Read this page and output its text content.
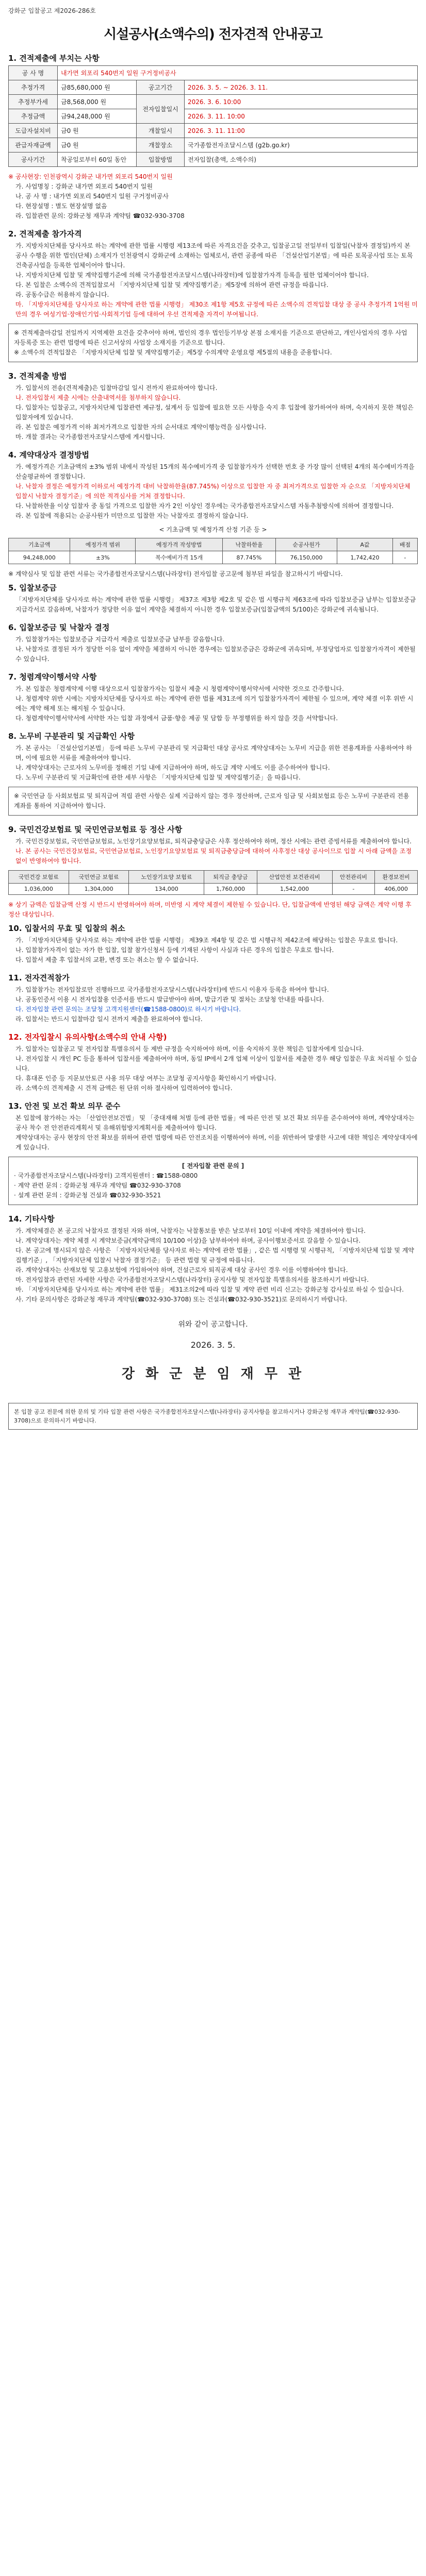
강화군 입찰공고 제2026-286호
시설공사(소액수의) 전자견적 안내공고
1. 견적제출에 부치는 사항
공 사 명	내가면 외포리 540번지 일원 구거정비공사		
추정가격	금85,680,000 원	공고기간	2026. 3. 5. ~ 2026. 3. 11.
추정부가세	금8,568,000 원	전자입찰일시	2026. 3. 6. 10:00
추정금액	금94,248,000 원		2026. 3. 11. 10:00
도급자설치비	금0 원	개찰일시	2026. 3. 11. 11:00
관급자재금액	금0 원	개찰장소	국가종합전자조달시스템 (g2b.go.kr)
공사기간	착공일로부터 60일 동안	입찰방법	전자입찰(총액, 소액수의)

※ 공사현장: 인천광역시 강화군 내가면 외포리 540번지 일원

가. 사업명칭 : 강화군 내가면 외포리 540번지 일원

나. 공 사 명 : 내가면 외포리 540번지 일원 구거정비공사

다. 현장설명 : 별도 현장설명 없음

라. 입찰관련 문의: 강화군청 재무과 계약팀 ☎032-930-3708

2. 견적제출 참가자격

가. 지방자치단체를 당사자로 하는 계약에 관한 법률 시행령 제13조에 따른 자격요건을 갖추고, 입찰공고일 전일부터 입찰일(낙찰자 결정일)까지 본 공사 수행을 위한 법인(단체) 소재지가 인천광역시 강화군에 소재하는 업체로서, 관련 공종에 따른 「건설산업기본법」에 따른 토목공사업 또는 토목건축공사업을 등록한 업체이어야 합니다.

나. 지방자치단체 입찰 및 계약집행기준에 의해 국가종합전자조달시스템(나라장터)에 입찰참가자격 등록을 필한 업체이어야 합니다.

다. 본 입찰은 소액수의 견적입찰로서 「지방자치단체 입찰 및 계약집행기준」제5장에 의하여 관련 규정을 따릅니다.

라. 공동수급은 허용하지 않습니다.

마. 「지방자치단체를 당사자로 하는 계약에 관한 법률 시행령」 제30조 제1항 제5호 규정에 따른 소액수의 견적입찰 대상 중 공사 추정가격 1억원 미만의 경우 여성기업·장애인기업·사회적기업 등에 대하여 우선 견적제출 자격이 부여됩니다.

※ 견적제출마감일 전일까지 지역제한 요건을 갖추어야 하며, 법인의 경우 법인등기부상 본점 소재지를 기준으로 판단하고, 개인사업자의 경우 사업자등록증 또는 관련 법령에 따른 신고서상의 사업장 소재지를 기준으로 합니다.

※ 소액수의 견적입찰은 「지방자치단체 입찰 및 계약집행기준」제5장 수의계약 운영요령 제5절의 내용을 준용합니다.

3. 견적제출 방법

가. 입찰서의 전송(견적제출)은 입찰마감일 일시 전까지 완료하여야 합니다.

나. 전자입찰서 제출 시에는 산출내역서를 첨부하지 않습니다.

다. 입찰자는 입찰공고, 지방자치단체 입찰관련 제규정, 설계서 등 입찰에 필요한 모든 사항을 숙지 후 입찰에 참가하여야 하며, 숙지하지 못한 책임은 입찰자에게 있습니다.

라. 본 입찰은 예정가격 이하 최저가격으로 입찰한 자의 순서대로 계약이행능력을 심사합니다.

마. 개찰 결과는 국가종합전자조달시스템에 게시합니다.

4. 계약대상자 결정방법

가. 예정가격은 기초금액의 ±3% 범위 내에서 작성된 15개의 복수예비가격 중 입찰참가자가 선택한 번호 중 가장 많이 선택된 4개의 복수예비가격을 산술평균하여 결정합니다.

나. 낙찰자 결정은 예정가격 이하로서 예정가격 대비 낙찰하한율(87.745%) 이상으로 입찰한 자 중 최저가격으로 입찰한 자 순으로 「지방자치단체 입찰시 낙찰자 결정기준」에 의한 적격심사를 거쳐 결정합니다.

다. 낙찰하한율 이상 입찰자 중 동일 가격으로 입찰한 자가 2인 이상인 경우에는 국가종합전자조달시스템 자동추첨방식에 의하여 결정합니다.

라. 본 입찰에 적용되는 순공사원가 미만으로 입찰한 자는 낙찰자로 결정하지 않습니다.

< 기초금액 및 예정가격 산정 기준 등 >

기초금액	예정가격 범위	예정가격 작성방법	낙찰하한율	순공사원가	A값	배점
94,248,000	±3%	복수예비가격 15개	87.745%	76,150,000	1,742,420	-

※ 계약심사 및 입찰 관련 서류는 국가종합전자조달시스템(나라장터) 전자입찰 공고문에 첨부된 파일을 참고하시기 바랍니다.

5. 입찰보증금

「지방자치단체를 당사자로 하는 계약에 관한 법률 시행령」 제37조 제3항 제2호 및 같은 법 시행규칙 제63조에 따라 입찰보증금 납부는 입찰보증금 지급각서로 갈음하며, 낙찰자가 정당한 이유 없이 계약을 체결하지 아니한 경우 입찰보증금(입찰금액의 5/100)은 강화군에 귀속됩니다.

6. 입찰보증금 및 낙찰자 결정

가. 입찰참가자는 입찰보증금 지급각서 제출로 입찰보증금 납부를 갈음합니다.

나. 낙찰자로 결정된 자가 정당한 이유 없이 계약을 체결하지 아니한 경우에는 입찰보증금은 강화군에 귀속되며, 부정당업자로 입찰참가자격이 제한될 수 있습니다.

7. 청렴계약이행서약 사항

가. 본 입찰은 청렴계약제 이행 대상으로서 입찰참가자는 입찰서 제출 시 청렴계약이행서약서에 서약한 것으로 간주합니다.

나. 청렴계약 위반 시에는 지방자치단체를 당사자로 하는 계약에 관한 법률 제31조에 의거 입찰참가자격이 제한될 수 있으며, 계약 체결 이후 위반 시에는 계약 해제 또는 해지될 수 있습니다.

다. 청렴계약이행서약서에 서약한 자는 입찰 과정에서 금품·향응 제공 및 담합 등 부정행위를 하지 않을 것을 서약합니다.

8. 노무비 구분관리 및 지급확인 사항

가. 본 공사는 「건설산업기본법」 등에 따른 노무비 구분관리 및 지급확인 대상 공사로 계약상대자는 노무비 지급을 위한 전용계좌를 사용하여야 하며, 이에 필요한 서류를 제출하여야 합니다.

나. 계약상대자는 근로자의 노무비를 정해진 기일 내에 지급하여야 하며, 하도급 계약 시에도 이를 준수하여야 합니다.

다. 노무비 구분관리 및 지급확인에 관한 세부 사항은 「지방자치단체 입찰 및 계약집행기준」을 따릅니다.

※ 국민연금 등 사회보험료 및 퇴직급여 적립 관련 사항은 실제 지급하지 않는 경우 정산하며, 근로자 임금 및 사회보험료 등은 노무비 구분관리 전용계좌를 통하여 지급하여야 합니다.

9. 국민건강보험료 및 국민연금보험료 등 정산 사항

가. 국민건강보험료, 국민연금보험료, 노인장기요양보험료, 퇴직금충당금은 사후 정산하여야 하며, 정산 시에는 관련 증빙서류를 제출하여야 합니다.

나. 본 공사는 국민건강보험료, 국민연금보험료, 노인장기요양보험료 및 퇴직금충당금에 대하여 사후정산 대상 공사이므로 입찰 시 아래 금액을 조정 없이 반영하여야 합니다.

국민건강 보험료	국민연금 보험료	노인장기요양 보험료	퇴직금 충당금	산업안전 보건관리비	안전관리비	환경보전비
1,036,000	1,304,000	134,000	1,760,000	1,542,000	-	406,000

※ 상기 금액은 입찰금액 산정 시 반드시 반영하여야 하며, 미반영 시 계약 체결이 제한될 수 있습니다. 단, 입찰금액에 반영된 해당 금액은 계약 이행 후 정산 대상입니다.

10. 입찰서의 무효 및 입찰의 취소

가. 「지방자치단체를 당사자로 하는 계약에 관한 법률 시행령」 제39조 제4항 및 같은 법 시행규칙 제42조에 해당하는 입찰은 무효로 합니다.

나. 입찰참가자격이 없는 자가 한 입찰, 입찰 참가신청서 등에 기재된 사항이 사실과 다른 경우의 입찰은 무효로 합니다.

다. 입찰서 제출 후 입찰서의 교환, 변경 또는 취소는 할 수 없습니다.

11. 전자견적참가

가. 입찰참가는 전자입찰로만 진행하므로 국가종합전자조달시스템(나라장터)에 반드시 이용자 등록을 하여야 합니다.

나. 공동인증서 이용 시 전자입찰용 인증서를 반드시 발급받아야 하며, 발급기관 및 절차는 조달청 안내를 따릅니다.

다. 전자입찰 관련 문의는 조달청 고객지원센터(☎1588-0800)로 하시기 바랍니다.

라. 입찰서는 반드시 입찰마감 일시 전까지 제출을 완료하여야 합니다.

12. 전자입찰시 유의사항(소액수의 안내 사항)

가. 입찰자는 입찰공고 및 전자입찰 특별유의서 등 제반 규정을 숙지하여야 하며, 이를 숙지하지 못한 책임은 입찰자에게 있습니다.

나. 전자입찰 시 개인 PC 등을 통하여 입찰서를 제출하여야 하며, 동일 IP에서 2개 업체 이상이 입찰서를 제출한 경우 해당 입찰은 무효 처리될 수 있습니다.

다. 휴대폰 인증 등 지문보안토큰 사용 의무 대상 여부는 조달청 공지사항을 확인하시기 바랍니다.

라. 소액수의 견적제출 시 견적 금액은 원 단위 이하 절사하여 입력하여야 합니다.

13. 안전 및 보건 확보 의무 준수

본 입찰에 참가하는 자는 「산업안전보건법」 및 「중대재해 처벌 등에 관한 법률」에 따른 안전 및 보건 확보 의무를 준수하여야 하며, 계약상대자는 공사 착수 전 안전관리계획서 및 유해위험방지계획서를 제출하여야 합니다.

계약상대자는 공사 현장의 안전 확보를 위하여 관련 법령에 따른 안전조치를 이행하여야 하며, 이를 위반하여 발생한 사고에 대한 책임은 계약상대자에게 있습니다.

[ 전자입찰 관련 문의 ]

· 국가종합전자조달시스템(나라장터) 고객지원센터 : ☎1588-0800

· 계약 관련 문의 : 강화군청 재무과 계약팀 ☎032-930-3708

· 설계 관련 문의 : 강화군청 건설과 ☎032-930-3521

14. 기타사항

가. 계약체결은 본 공고의 낙찰자로 결정된 자와 하며, 낙찰자는 낙찰통보를 받은 날로부터 10일 이내에 계약을 체결하여야 합니다.

나. 계약상대자는 계약 체결 시 계약보증금(계약금액의 10/100 이상)을 납부하여야 하며, 공사이행보증서로 갈음할 수 있습니다.

다. 본 공고에 명시되지 않은 사항은 「지방자치단체를 당사자로 하는 계약에 관한 법률」, 같은 법 시행령 및 시행규칙, 「지방자치단체 입찰 및 계약집행기준」, 「지방자치단체 입찰시 낙찰자 결정기준」 등 관련 법령 및 규정에 따릅니다.

라. 계약상대자는 산재보험 및 고용보험에 가입하여야 하며, 건설근로자 퇴직공제 대상 공사인 경우 이를 이행하여야 합니다.

마. 전자입찰과 관련된 자세한 사항은 국가종합전자조달시스템(나라장터) 공지사항 및 전자입찰 특별유의서를 참조하시기 바랍니다.

바. 「지방자치단체를 당사자로 하는 계약에 관한 법률」 제31조의2에 따라 입찰 및 계약 관련 비리 신고는 강화군청 감사실로 하실 수 있습니다.

사. 기타 문의사항은 강화군청 재무과 계약팀(☎032-930-3708) 또는 건설과(☎032-930-3521)로 문의하시기 바랍니다.

위와 같이 공고합니다.

2026. 3. 5.
강 화 군 분 임 재 무 관
본 입찰 공고 전문에 의한 문의 및 기타 입찰 관련 사항은 국가종합전자조달시스템(나라장터) 공지사항을 참고하시거나 강화군청 재무과 계약팀(☎032-930-3708)으로 문의하시기 바랍니다.
